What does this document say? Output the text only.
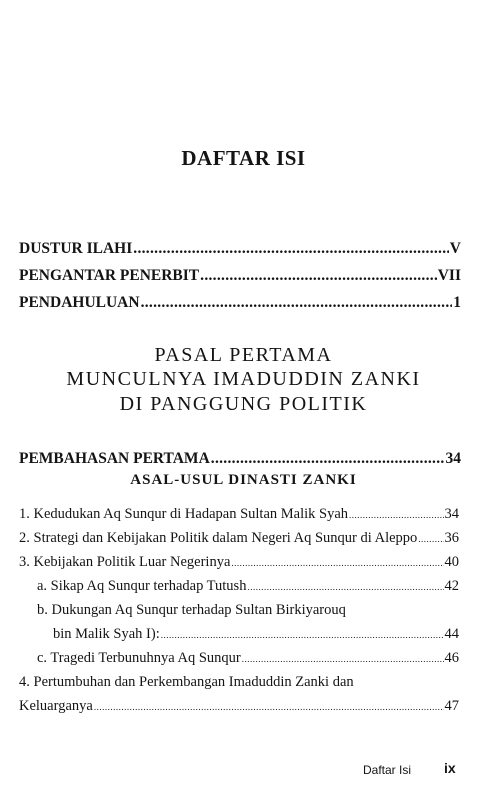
DAFTAR ISI
DUSTUR ILAHI .....	V
PENGANTAR PENERBIT .....	VII
PENDAHULUAN .....	1
PASAL PERTAMA
MUNCULNYA IMADUDDIN ZANKI
DI PANGGUNG POLITIK
PEMBAHASAN PERTAMA .....	34
ASAL-USUL DINASTI ZANKI
1. Kedudukan Aq Sunqur di Hadapan Sultan Malik Syah .....	34
2. Strategi dan Kebijakan Politik dalam Negeri Aq Sunqur di Aleppo ..... 36
3. Kebijakan Politik Luar Negerinya .....	40
a. Sikap Aq Sunqur terhadap Tutush .....	42
b. Dukungan Aq Sunqur terhadap Sultan Birkiyarouq
bin Malik Syah I): .....	44
c. Tragedi Terbunuhnya Aq Sunqur .....	46
4. Pertumbuhan dan Perkembangan Imaduddin Zanki dan
Keluarganya .....	47
Daftar Isi ix
